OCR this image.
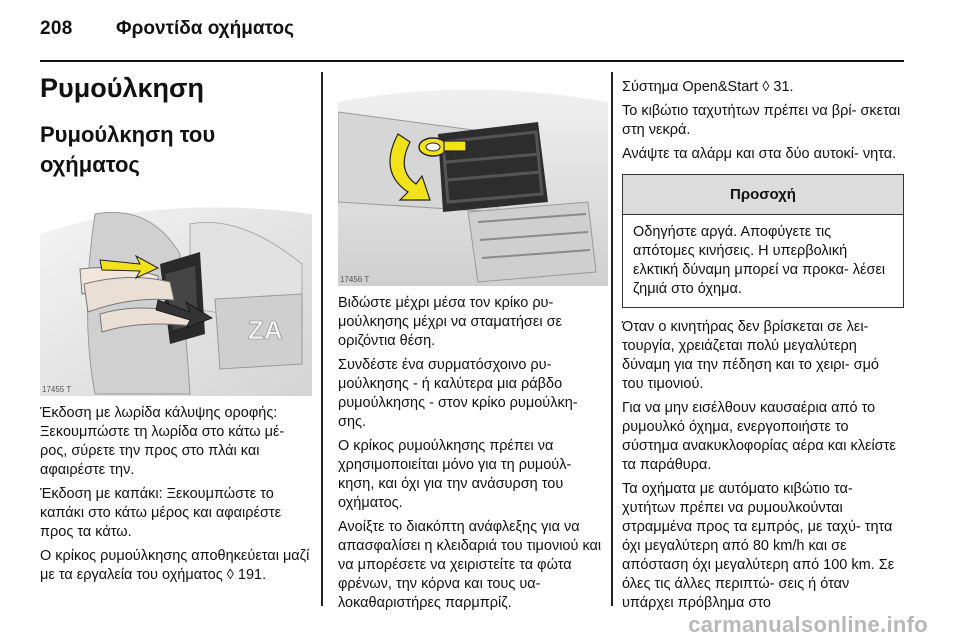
208 Φροντίδα οχήματος
Ρυμούλκηση
Ρυμούλκηση του οχήματος
ZA
17455 T

Έκδοση με λωρίδα κάλυψης οροφής: Ξεκουμπώστε τη λωρίδα στο κάτω μέ- ρος, σύρετε την προς στο πλάι και αφαιρέστε την.

Έκδοση με καπάκι: Ξεκουμπώστε το καπάκι στο κάτω μέρος και αφαιρέστε προς τα κάτω.

Ο κρίκος ρυμούλκησης αποθηκεύεται μαζί με τα εργαλεία του οχήματος ◊ 191.

17456 T

Βιδώστε μέχρι μέσα τον κρίκο ρυ- μούλκησης μέχρι να σταματήσει σε οριζόντια θέση.

Συνδέστε ένα συρματόσχοινο ρυ- μούλκησης - ή καλύτερα μια ράβδο ρυμούλκησης - στον κρίκο ρυμούλκη- σης.

Ο κρίκος ρυμούλκησης πρέπει να χρησιμοποιείται μόνο για τη ρυμούλ- κηση, και όχι για την ανάσυρση του οχήματος.

Ανοίξτε το διακόπτη ανάφλεξης για να απασφαλίσει η κλειδαριά του τιμονιού και να μπορέσετε να χειριστείτε τα φώτα φρένων, την κόρνα και τους υα- λοκαθαριστήρες παρμπρίζ.

Σύστημα Open&Start ◊ 31.

Το κιβώτιο ταχυτήτων πρέπει να βρί- σκεται στη νεκρά.

Ανάψτε τα αλάρμ και στα δύο αυτοκί- νητα.

Προσοχή
Οδηγήστε αργά. Αποφύγετε τις απότομες κινήσεις. Η υπερβολική ελκτική δύναμη μπορεί να προκα- λέσει ζημιά στο όχημα.

Όταν ο κινητήρας δεν βρίσκεται σε λει- τουργία, χρειάζεται πολύ μεγαλύτερη δύναμη για την πέδηση και το χειρι- σμό του τιμονιού.

Για να μην εισέλθουν καυσαέρια από το ρυμουλκό όχημα, ενεργοποιήστε το σύστημα ανακυκλοφορίας αέρα και κλείστε τα παράθυρα.

Τα οχήματα με αυτόματο κιβώτιο τα- χυτήτων πρέπει να ρυμουλκούνται στραμμένα προς τα εμπρός, με ταχύ- τητα όχι μεγαλύτερη από 80 km/h και σε απόσταση όχι μεγαλύτερη από 100 km. Σε όλες τις άλλες περιπτώ- σεις ή όταν υπάρχει πρόβλημα στο

carmanualsonline.info
